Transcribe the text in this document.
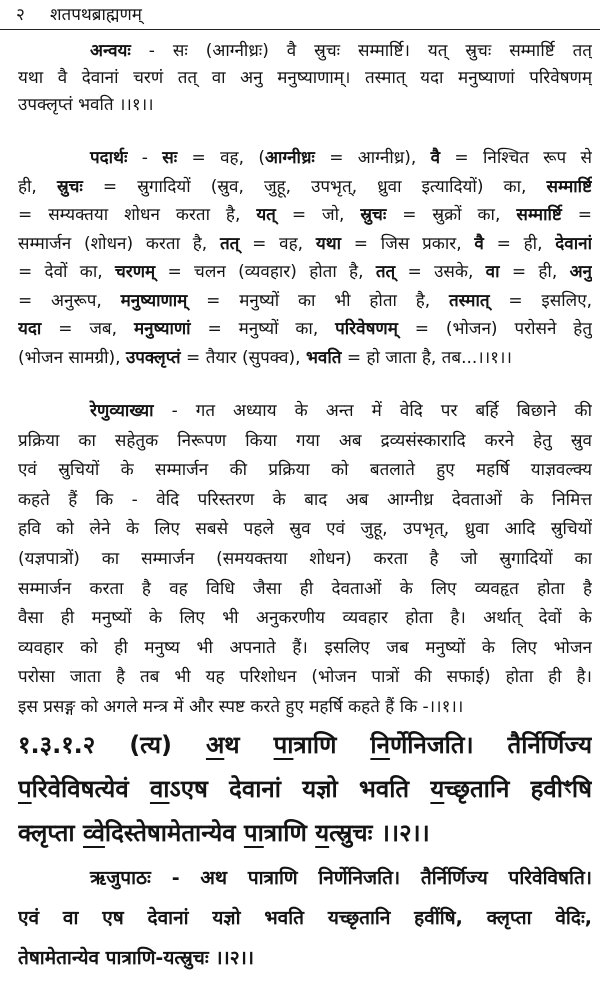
२ शतपथब्राह्मणम्
अन्वयः - सः (आग्नीध्रः) वै स्रुचः सम्मार्ष्टि। यत् स्रुचः सम्मार्ष्टि तत्
यथा वै देवानां चरणं तत् वा अनु मनुष्याणाम्। तस्मात् यदा मनुष्याणां परिवेषणम्
उपक्लृप्तं भवति ।।१।।
पदार्थः - सः = वह, (आग्नीध्रः = आग्नीध्र), वै = निश्चित रूप से
ही, स्रुचः = स्रुगादियों (स्रुव, जुहू, उपभृत्, ध्रुवा इत्यादियों) का, सम्मार्ष्टि
= सम्यक्तया शोधन करता है, यत् = जो, स्रुचः = स्रुक्रों का, सम्मार्ष्टि =
सम्मार्जन (शोधन) करता है, तत् = वह, यथा = जिस प्रकार, वै = ही, देवानां
= देवों का, चरणम् = चलन (व्यवहार) होता है, तत् = उसके, वा = ही, अनु
= अनुरूप, मनुष्याणाम् = मनुष्यों का भी होता है, तस्मात् = इसलिए,
यदा = जब, मनुष्याणां = मनुष्यों का, परिवेषणम् = (भोजन) परोसने हेतु
(भोजन सामग्री), उपक्लृप्तं = तैयार (सुपक्व), भवति = हो जाता है, तब...।।१।।
रेणुव्याख्या - गत अध्याय के अन्त में वेदि पर बर्हि बिछाने की
प्रक्रिया का सहेतुक निरूपण किया गया अब द्रव्यसंस्कारादि करने हेतु स्रुव
एवं स्रुचियों के सम्मार्जन की प्रक्रिया को बतलाते हुए महर्षि याज्ञवल्क्य
कहते हैं कि - वेदि परिस्तरण के बाद अब आग्नीध्र देवताओं के निमित्त
हवि को लेने के लिए सबसे पहले स्रुव एवं जुहू, उपभृत्, ध्रुवा आदि स्रुचियों
(यज्ञपात्रों) का सम्मार्जन (समयक्तया शोधन) करता है जो स्रुगादियों का
सम्मार्जन करता है वह विधि जैसा ही देवताओं के लिए व्यवहृत होता है
वैसा ही मनुष्यों के लिए भी अनुकरणीय व्यवहार होता है। अर्थात् देवों के
व्यवहार को ही मनुष्य भी अपनाते हैं। इसलिए जब मनुष्यों के लिए भोजन
परोसा जाता है तब भी यह परिशोधन (भोजन पात्रों की सफाई) होता ही है।
इस प्रसङ्ग को अगले मन्त्र में और स्पष्ट करते हुए महर्षि कहते हैं कि -।।१।।
१.३.१.२ (त्य) अथ पात्राणि निर्णेनिजति। तैर्निर्णिज्य
परिवेविषत्येवं वाऽएष देवानां यज्ञो भवति यच्छृतानि हवीꣳषि
क्लृप्ता व्वेदिस्तेषामेतान्येव पात्राणि यत्स्रुचः ।।२।।
ऋजुपाठः - अथ पात्राणि निर्णेनिजति। तैर्निर्णिज्य परिवेविषति।
एवं वा एष देवानां यज्ञो भवति यच्छृतानि हवींषि, क्लृप्ता वेदिः,
तेषामेतान्येव पात्राणि-यत्स्रुचः ।।२।।
